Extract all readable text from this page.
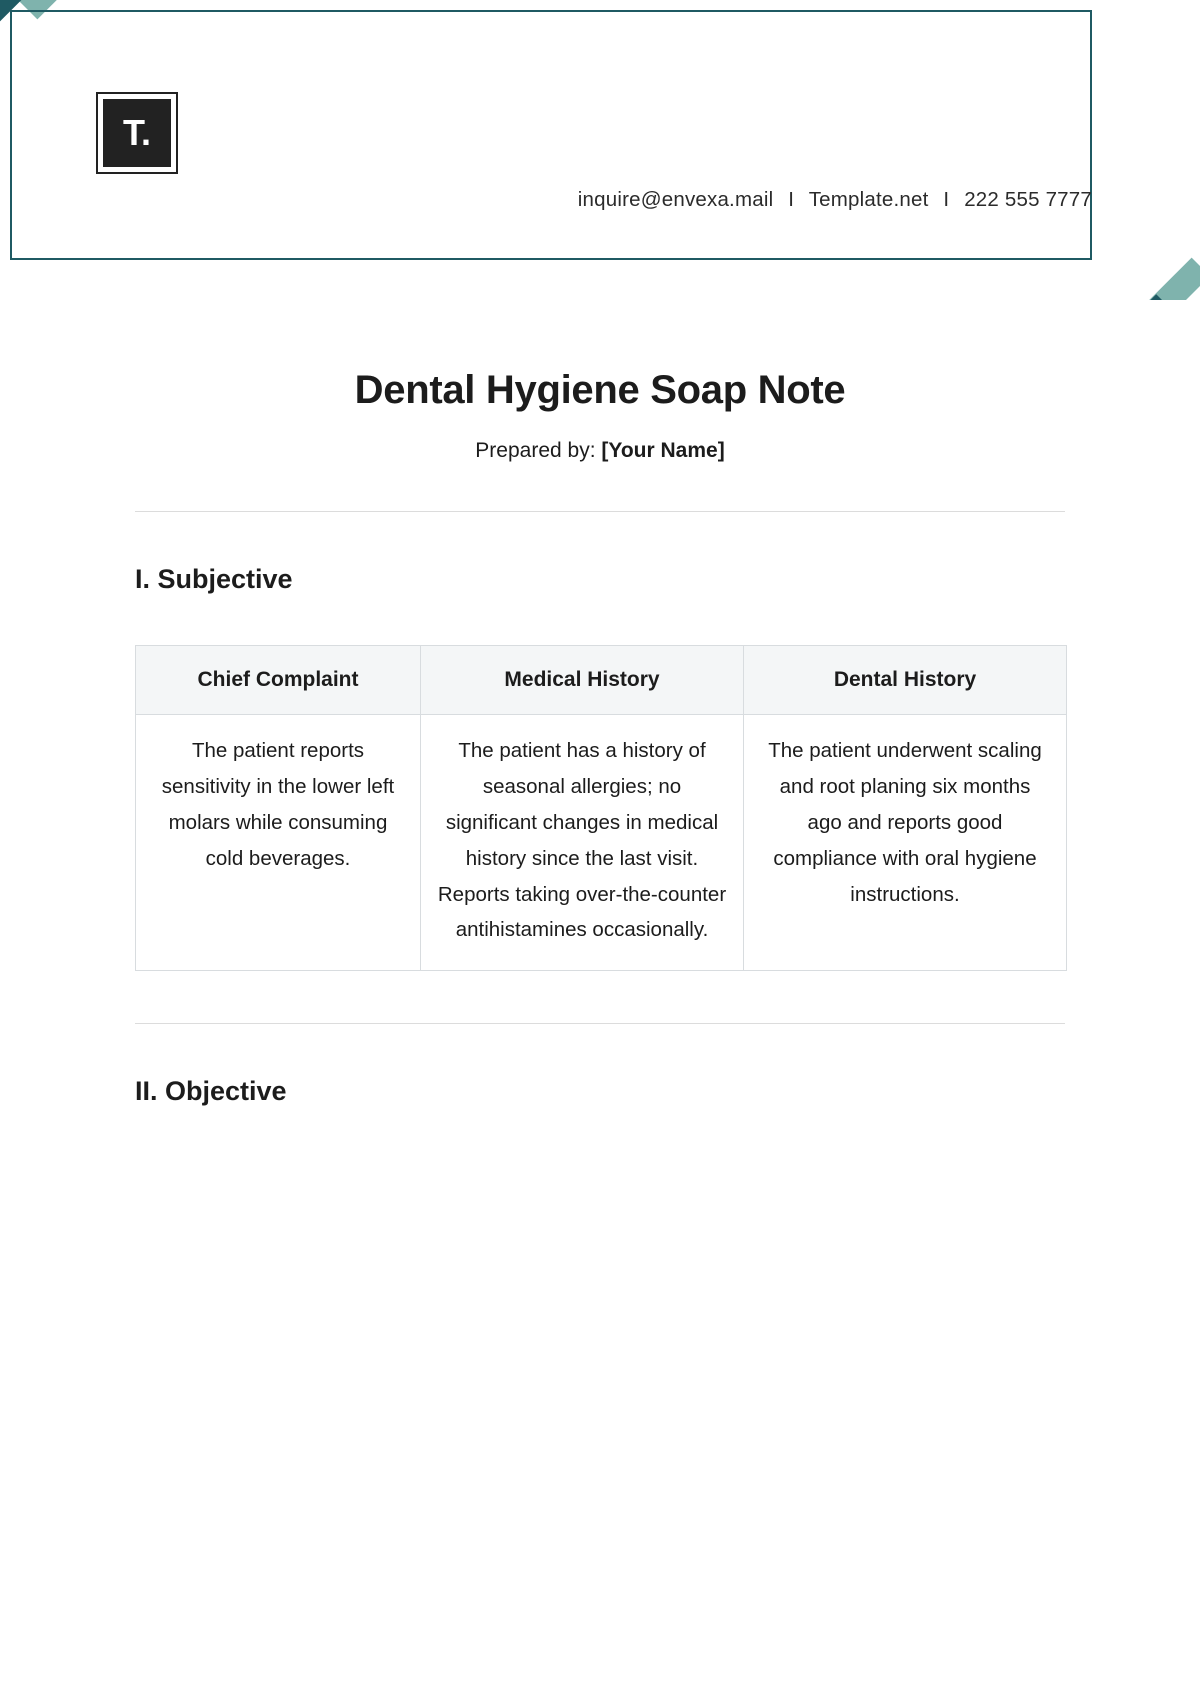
T.
inquire@envexa.mail I Template.net I 222 555 7777
Dental Hygiene Soap Note
Prepared by: [Your Name]
I. Subjective
Chief Complaint	Medical History	Dental History
The patient reports sensitivity in the lower left molars while consuming cold beverages.	The patient has a history of seasonal allergies; no significant changes in medical history since the last visit. Reports taking over-the-counter antihistamines occasionally.	The patient underwent scaling and root planing six months ago and reports good compliance with oral hygiene instructions.
II. Objective
